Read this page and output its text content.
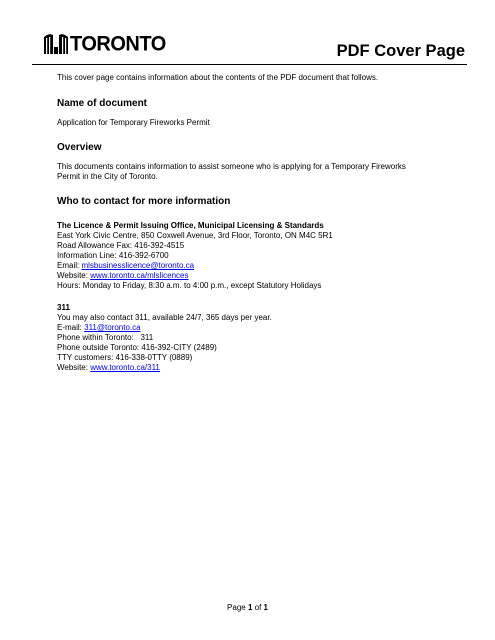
TORONTO	PDF Cover Page
This cover page contains information about the contents of the PDF document that follows.
Name of document

Application for Temporary Fireworks Permit

Overview
This documents contains information to assist someone who is applying for a Temporary Fireworks
Permit in the City of Toronto.
Who to contact for more information
The Licence & Permit Issuing Office, Municipal Licensing & Standards
East York Civic Centre, 850 Coxwell Avenue, 3rd Floor, Toronto, ON M4C 5R1
Road Allowance Fax: 416-392-4515
Information Line: 416-392-6700
Email: mlsbusinesslicence@toronto.ca
Website: www.toronto.ca/mlslicences
Hours: Monday to Friday, 8:30 a.m. to 4:00 p.m., except Statutory Holidays
311
You may also contact 311, available 24/7, 365 days per year.
E-mail: 311@toronto.ca
Phone within Toronto:   311
Phone outside Toronto: 416-392-CITY (2489)
TTY customers: 416-338-0TTY (0889)
Website: www.toronto.ca/311
Page 1 of 1
